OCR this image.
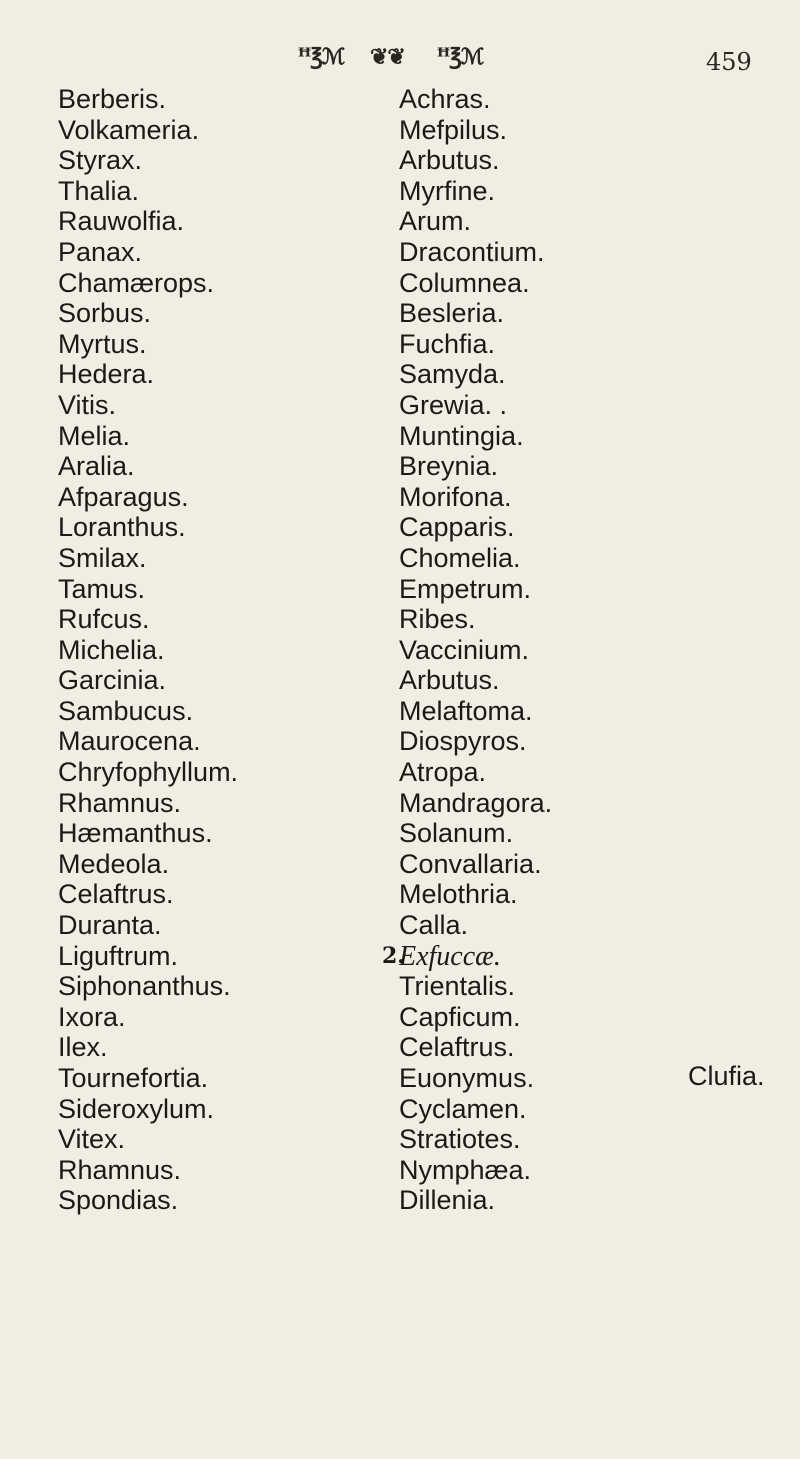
ꟸ℥ℳ ❦❦ ꟸ℥ℳ	459
Berberis.
Volkameria.
Styrax.
Thalia.
Rauwolfia.
Panax.
Chamærops.
Sorbus.
Myrtus.
Hedera.
Vitis.
Melia.
Aralia.
Afparagus.
Loranthus.
Smilax.
Tamus.
Rufcus.
Michelia.
Garcinia.
Sambucus.
Maurocena.
Chryfophyllum.
Rhamnus.
Hæmanthus.
Medeola.
Celaftrus.
Duranta.
Liguftrum.
Siphonanthus.
Ixora.
Ilex.
Tournefortia.
Sideroxylum.
Vitex.
Rhamnus.
Spondias.
Achras.
Mefpilus.
Arbutus.
Myrfine.
Arum.
Dracontium.
Columnea.
Besleria.
Fuchfia.
Samyda.
Grewia. .
Muntingia.
Breynia.
Morifona.
Capparis.
Chomelia.
Empetrum.
Ribes.
Vaccinium.
Arbutus.
Melaftoma.
Diospyros.
Atropa.
Mandragora.
Solanum.
Convallaria.
Melothria.
Calla.
2.
Exfuccæ.
Trientalis.
Capficum.
Celaftrus.
Euonymus.
Cyclamen.
Stratiotes.
Nymphæa.
Dillenia.
Clufia.
